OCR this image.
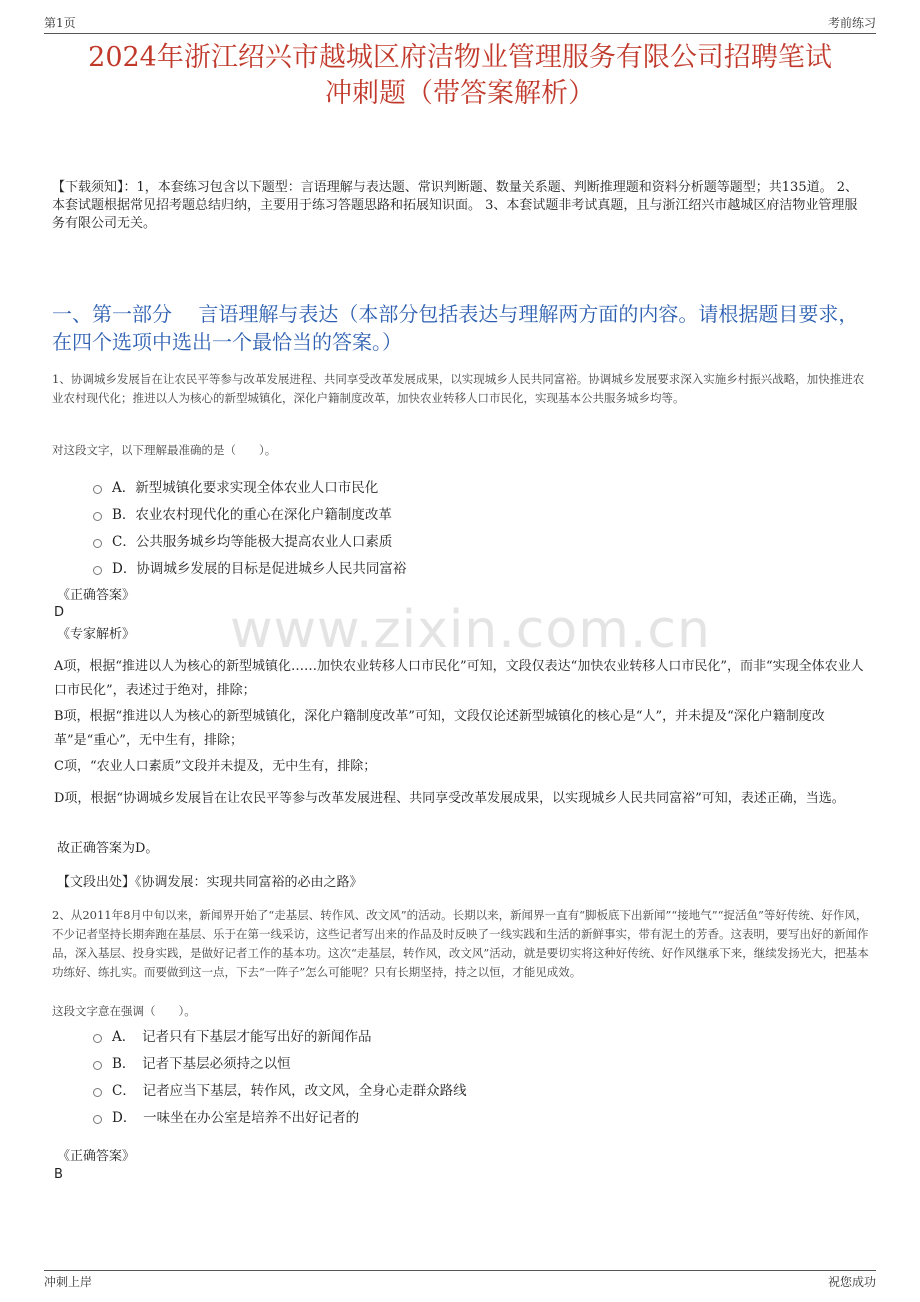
第1页	考前练习
2024年浙江绍兴市越城区府洁物业管理服务有限公司招聘笔试
冲刺题（带答案解析）
【下载须知】：1，本套练习包含以下题型：言语理解与表达题、常识判断题、数量关系题、判断推理题和资料分析题等题型；共135道。 2、本套试题根据常见招考题总结归纳，主要用于练习答题思路和拓展知识面。 3、本套试题非考试真题，且与浙江绍兴市越城区府洁物业管理服务有限公司无关。
一、第一部分　 言语理解与表达（本部分包括表达与理解两方面的内容。请根据题目要求，在四个选项中选出一个最恰当的答案。）
www.zixin.com.cn
1、协调城乡发展旨在让农民平等参与改革发展进程、共同享受改革发展成果，以实现城乡人民共同富裕。协调城乡发展要求深入实施乡村振兴战略，加快推进农业农村现代化；推进以人为核心的新型城镇化，深化户籍制度改革，加快农业转移人口市民化，实现基本公共服务城乡均等。
对这段文字，以下理解最准确的是（　　）。
A．新型城镇化要求实现全体农业人口市民化
B．农业农村现代化的重心在深化户籍制度改革
C．公共服务城乡均等能极大提高农业人口素质
D．协调城乡发展的目标是促进城乡人民共同富裕
《正确答案》
D
《专家解析》
A项，根据“推进以人为核心的新型城镇化……加快农业转移人口市民化”可知，文段仅表达“加快农业转移人口市民化”，而非“实现全体农业人口市民化”，表述过于绝对，排除；
B项，根据“推进以人为核心的新型城镇化，深化户籍制度改革”可知，文段仅论述新型城镇化的核心是“人”，并未提及“深化户籍制度改革”是“重心”，无中生有，排除；
C项，“农业人口素质”文段并未提及，无中生有，排除；
D项，根据“协调城乡发展旨在让农民平等参与改革发展进程、共同享受改革发展成果，以实现城乡人民共同富裕”可知，表述正确，当选。
故正确答案为D。
【文段出处】《协调发展：实现共同富裕的必由之路》
2、从2011年8月中旬以来，新闻界开始了“走基层、转作风、改文风”的活动。长期以来，新闻界一直有“脚板底下出新闻”“接地气”“捉活鱼”等好传统、好作风，不少记者坚持长期奔跑在基层、乐于在第一线采访，这些记者写出来的作品及时反映了一线实践和生活的新鲜事实，带有泥土的芳香。这表明，要写出好的新闻作品，深入基层、投身实践，是做好记者工作的基本功。这次“走基层，转作风，改文风”活动，就是要切实将这种好传统、好作风继承下来，继续发扬光大，把基本功练好、练扎实。而要做到这一点，下去“一阵子”怎么可能呢？只有长期坚持，持之以恒，才能见成效。
这段文字意在强调（　　）。
A．　记者只有下基层才能写出好的新闻作品
B．　记者下基层必须持之以恒
C．　记者应当下基层，转作风，改文风，全身心走群众路线
D．　一味坐在办公室是培养不出好记者的
《正确答案》
B
冲刺上岸	祝您成功
